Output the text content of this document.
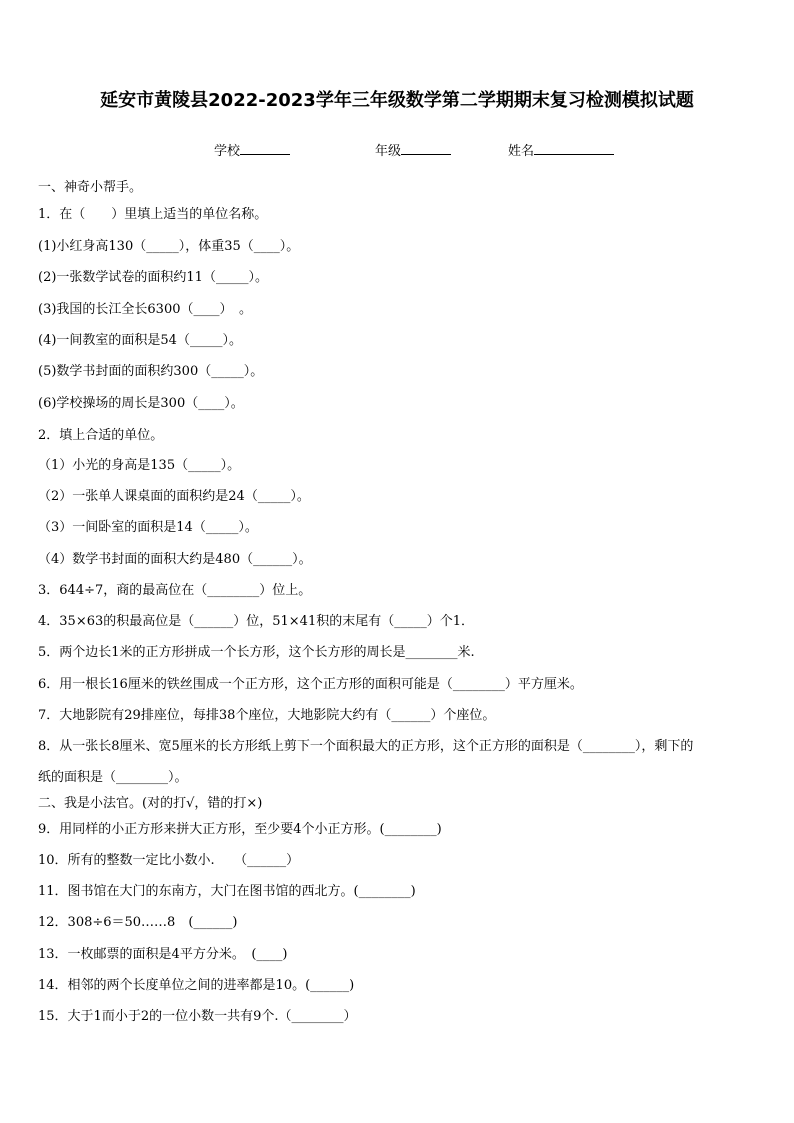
延安市黄陵县2022-2023学年三年级数学第二学期期末复习检测模拟试题
学校	年级	姓名
一、神奇小帮手。
1．在（　　）里填上适当的单位名称。
(1)小红身高130（_____），体重35（____）。
(2)一张数学试卷的面积约11（_____）。
(3)我国的长江全长6300（____）　。
(4)一间教室的面积是54（_____）。
(5)数学书封面的面积约300（_____）。
(6)学校操场的周长是300（____）。
2．填上合适的单位。
（1）小光的身高是135（_____）。
（2）一张单人课桌面的面积约是24（_____）。
（3）一间卧室的面积是14（_____）。
（4）数学书封面的面积大约是480（______）。
3．644÷7，商的最高位在（________）位上。
4．35×63的积最高位是（______）位，51×41积的末尾有（_____）个1．
5．两个边长1米的正方形拼成一个长方形，这个长方形的周长是________米.
6．用一根长16厘米的铁丝围成一个正方形，这个正方形的面积可能是（________）平方厘米。
7．大地影院有29排座位，每排38个座位，大地影院大约有（______）个座位。
8．从一张长8厘米、宽5厘米的长方形纸上剪下一个面积最大的正方形，这个正方形的面积是（________），剩下的
纸的面积是（________）。
二、我是小法官。(对的打√，错的打×)
9．用同样的小正方形来拼大正方形，至少要4个小正方形。(________)
10．所有的整数一定比小数小.　　（______）
11．图书馆在大门的东南方，大门在图书馆的西北方。(________)
12．308÷6＝50……8　(______)
13．一枚邮票的面积是4平方分米。　(____)
14．相邻的两个长度单位之间的进率都是10。(______)
15．大于1而小于2的一位小数一共有9个.（________）
